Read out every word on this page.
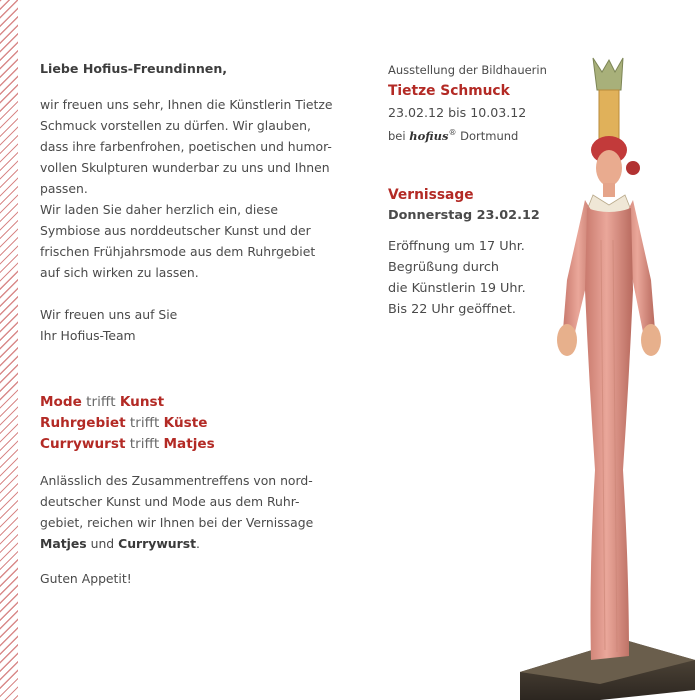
Liebe Hofius-Freundinnen,

wir freuen uns sehr, Ihnen die Künstlerin Tietze
Schmuck vorstellen zu dürfen. Wir glauben,
dass ihre farbenfrohen, poetischen und humor-
vollen Skulpturen wunderbar zu uns und Ihnen
passen.
Wir laden Sie daher herzlich ein, diese
Symbiose aus norddeutscher Kunst und der
frischen Frühjahrsmode aus dem Ruhrgebiet
auf sich wirken zu lassen.
Wir freuen uns auf Sie
Ihr Hofius-Team
Mode trifft Kunst
Ruhrgebiet trifft Küste
Currywurst trifft Matjes
Anlässlich des Zusammentreffens von nord-
deutscher Kunst und Mode aus dem Ruhr-
gebiet, reichen wir Ihnen bei der Vernissage
Matjes und Currywurst.

Guten Appetit!

Ausstellung der Bildhauerin
Tietze Schmuck
23.02.12 bis 10.03.12
bei hofius® Dortmund
Vernissage
Donnerstag 23.02.12
Eröffnung um 17 Uhr.
Begrüßung durch
die Künstlerin 19 Uhr.
Bis 22 Uhr geöffnet.
